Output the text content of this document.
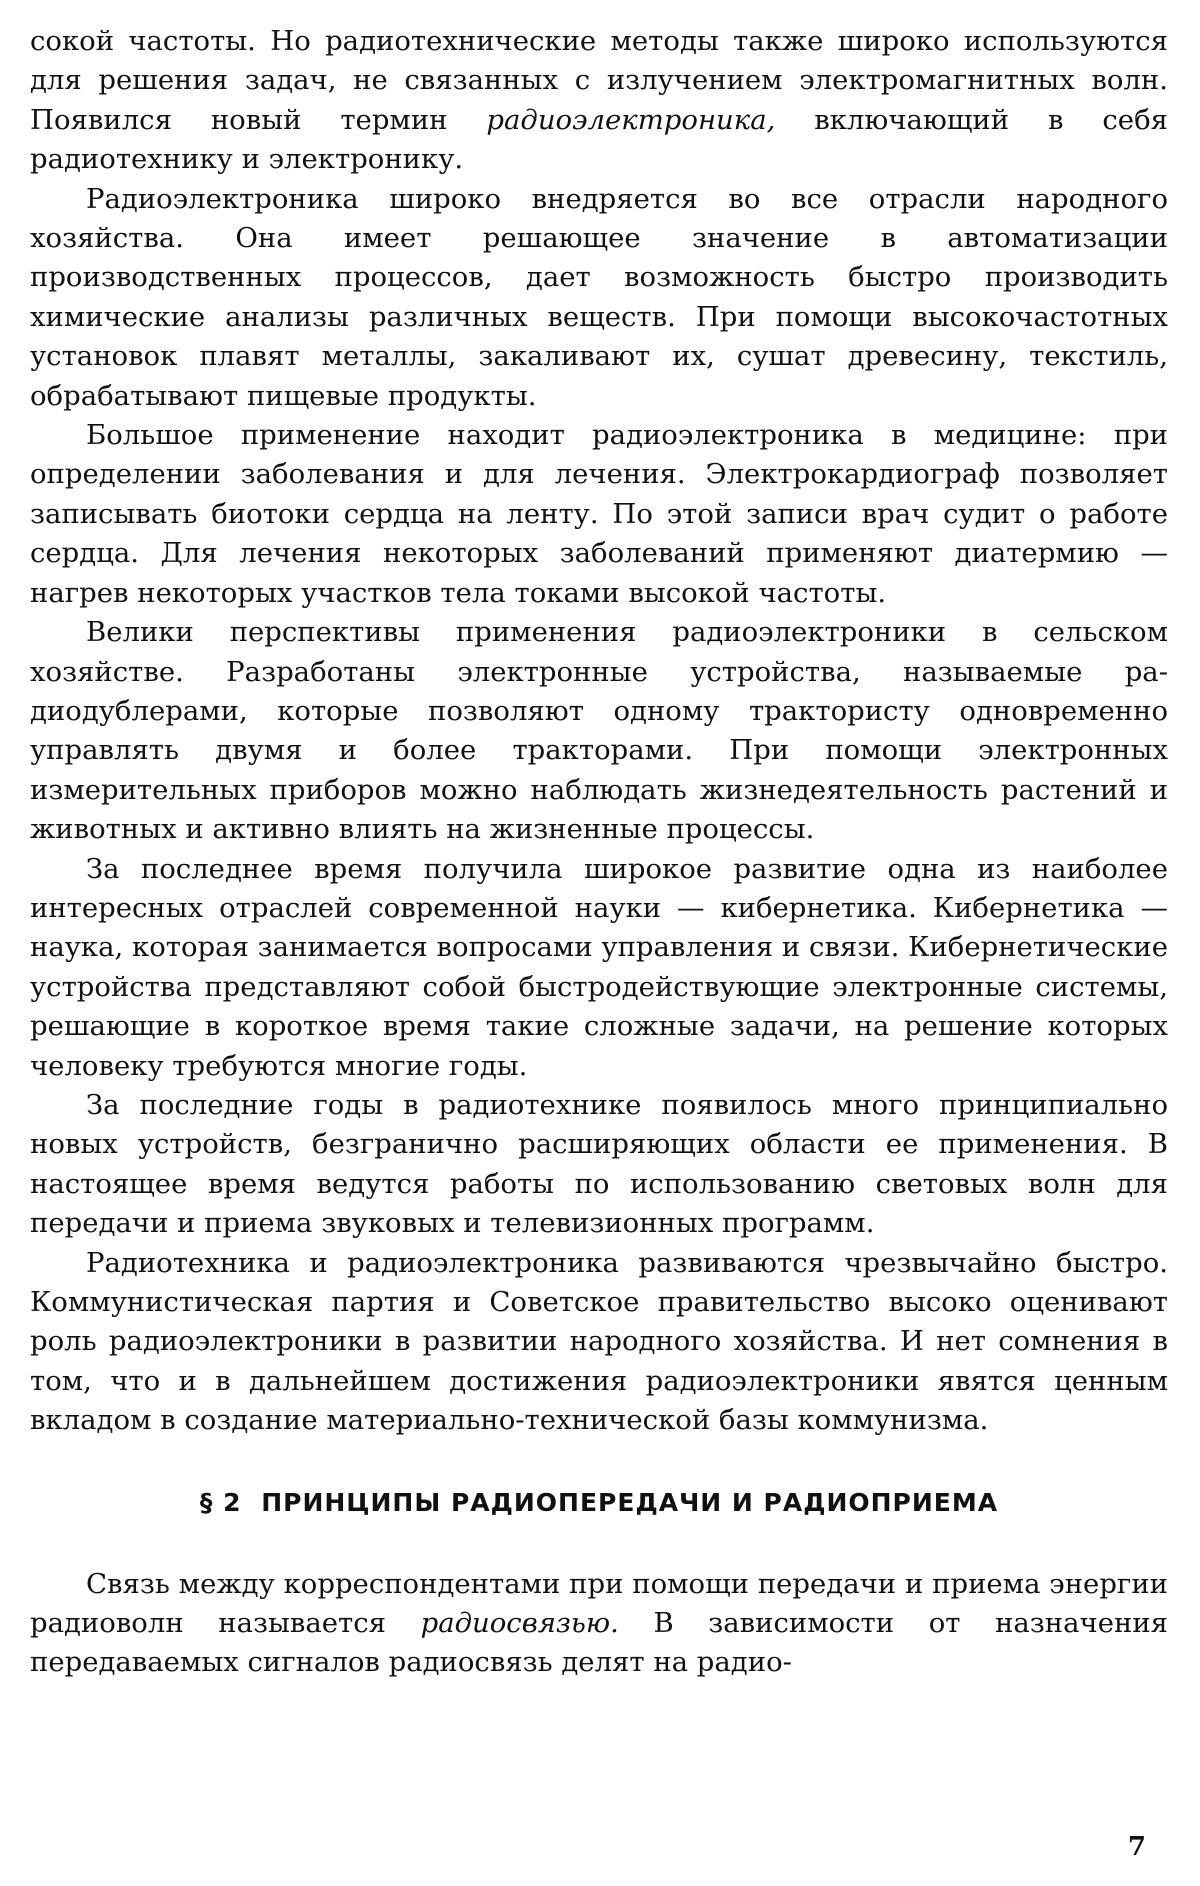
сокой частоты. Но радиотехнические методы также широко используются для решения задач, не связанных с излучением электромагнитных волн. Появился новый термин радиоэлектроника, включающий в себя радиотехнику и электронику.

Радиоэлектроника широко внедряется во все отрасли народного хозяйства. Она имеет решающее значение в автоматизации производственных процессов, дает возможность быстро производить химические анализы различных веществ. При помощи высокочастотных установок плавят металлы, закаливают их, сушат древесину, текстиль, обрабатывают пищевые продукты.

Большое применение находит радиоэлектроника в медицине: при определении заболевания и для лечения. Электрокардиограф позволяет записывать биотоки сердца на ленту. По этой записи врач судит о работе сердца. Для лечения некоторых заболеваний применяют диатермию — нагрев некоторых участков тела токами высокой частоты.

Велики перспективы применения радиоэлектроники в сельском хозяйстве. Разработаны электронные устройства, называемые радиодублерами, которые позволяют одному трактористу одновременно управлять двумя и более тракторами. При помощи электронных измерительных приборов можно наблюдать жизнедеятельность растений и животных и активно влиять на жизненные процессы.

За последнее время получила широкое развитие одна из наиболее интересных отраслей современной науки — кибернетика. Кибернетика — наука, которая занимается вопросами управления и связи. Кибернетические устройства представляют собой быстродействующие электронные системы, решающие в короткое время такие сложные задачи, на решение которых человеку требуются многие годы.

За последние годы в радиотехнике появилось много принципиально новых устройств, безгранично расширяющих области ее применения. В настоящее время ведутся работы по использованию световых волн для передачи и приема звуковых и телевизионных программ.

Радиотехника и радиоэлектроника развиваются чрезвычайно быстро. Коммунистическая партия и Советское правительство высоко оценивают роль радиоэлектроники в развитии народного хозяйства. И нет сомнения в том, что и в дальнейшем достижения радиоэлектроники явятся ценным вкладом в создание материально-технической базы коммунизма.

§ 2 ПРИНЦИПЫ РАДИОПЕРЕДАЧИ И РАДИОПРИЕМА

Связь между корреспондентами при помощи передачи и приема энергии радиоволн называется радиосвязью. В зависимости от назначения передаваемых сигналов радиосвязь делят на радио-

7
